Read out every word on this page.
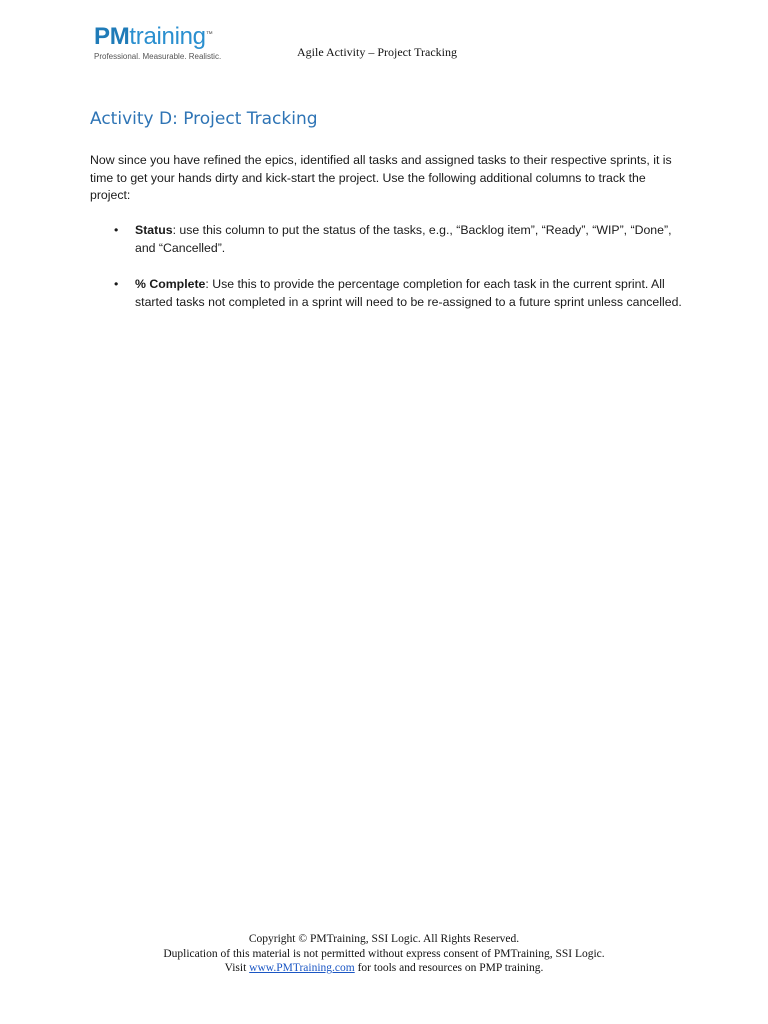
PMtraining™
Professional. Measurable. Realistic.	Agile Activity – Project Tracking
Activity D: Project Tracking

Now since you have refined the epics, identified all tasks and assigned tasks to their respective sprints, it is time to get your hands dirty and kick-start the project. Use the following additional columns to track the project:

• Status: use this column to put the status of the tasks, e.g., “Backlog item”, “Ready”, “WIP”, “Done”, and “Cancelled”.
• % Complete: Use this to provide the percentage completion for each task in the current sprint. All started tasks not completed in a sprint will need to be re-assigned to a future sprint unless cancelled.
Copyright © PMTraining, SSI Logic. All Rights Reserved.
Duplication of this material is not permitted without express consent of PMTraining, SSI Logic.
Visit www.PMTraining.com for tools and resources on PMP training.
